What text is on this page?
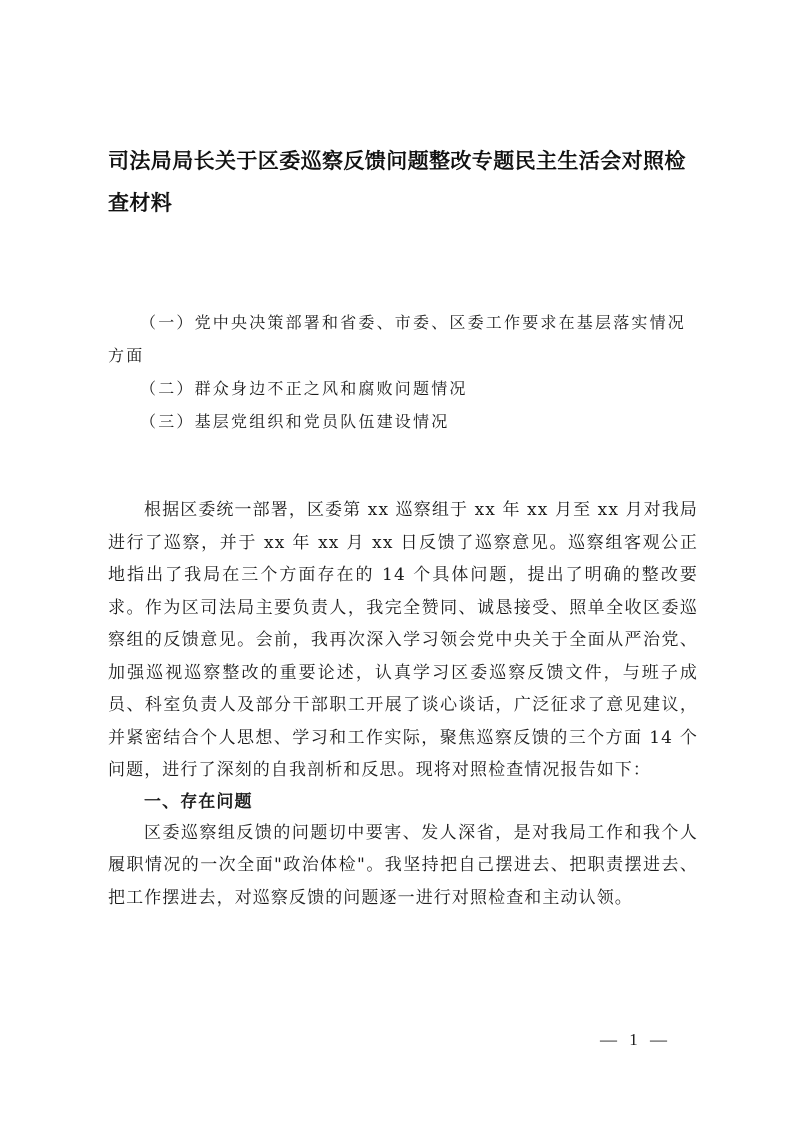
司法局局长关于区委巡察反馈问题整改专题民主生活会对照检查材料

（一）党中央决策部署和省委、市委、区委工作要求在基层落实情况方面

（二）群众身边不正之风和腐败问题情况

（三）基层党组织和党员队伍建设情况

根据区委统一部署，区委第 xx 巡察组于 xx 年 xx 月至 xx 月对我局进行了巡察，并于 xx 年 xx 月 xx 日反馈了巡察意见。巡察组客观公正地指出了我局在三个方面存在的 14 个具体问题，提出了明确的整改要求。作为区司法局主要负责人，我完全赞同、诚恳接受、照单全收区委巡察组的反馈意见。会前，我再次深入学习领会党中央关于全面从严治党、加强巡视巡察整改的重要论述，认真学习区委巡察反馈文件，与班子成员、科室负责人及部分干部职工开展了谈心谈话，广泛征求了意见建议，并紧密结合个人思想、学习和工作实际，聚焦巡察反馈的三个方面 14 个问题，进行了深刻的自我剖析和反思。现将对照检查情况报告如下：

一、存在问题

区委巡察组反馈的问题切中要害、发人深省，是对我局工作和我个人履职情况的一次全面"政治体检"。我坚持把自己摆进去、把职责摆进去、把工作摆进去，对巡察反馈的问题逐一进行对照检查和主动认领。

— 1 —
